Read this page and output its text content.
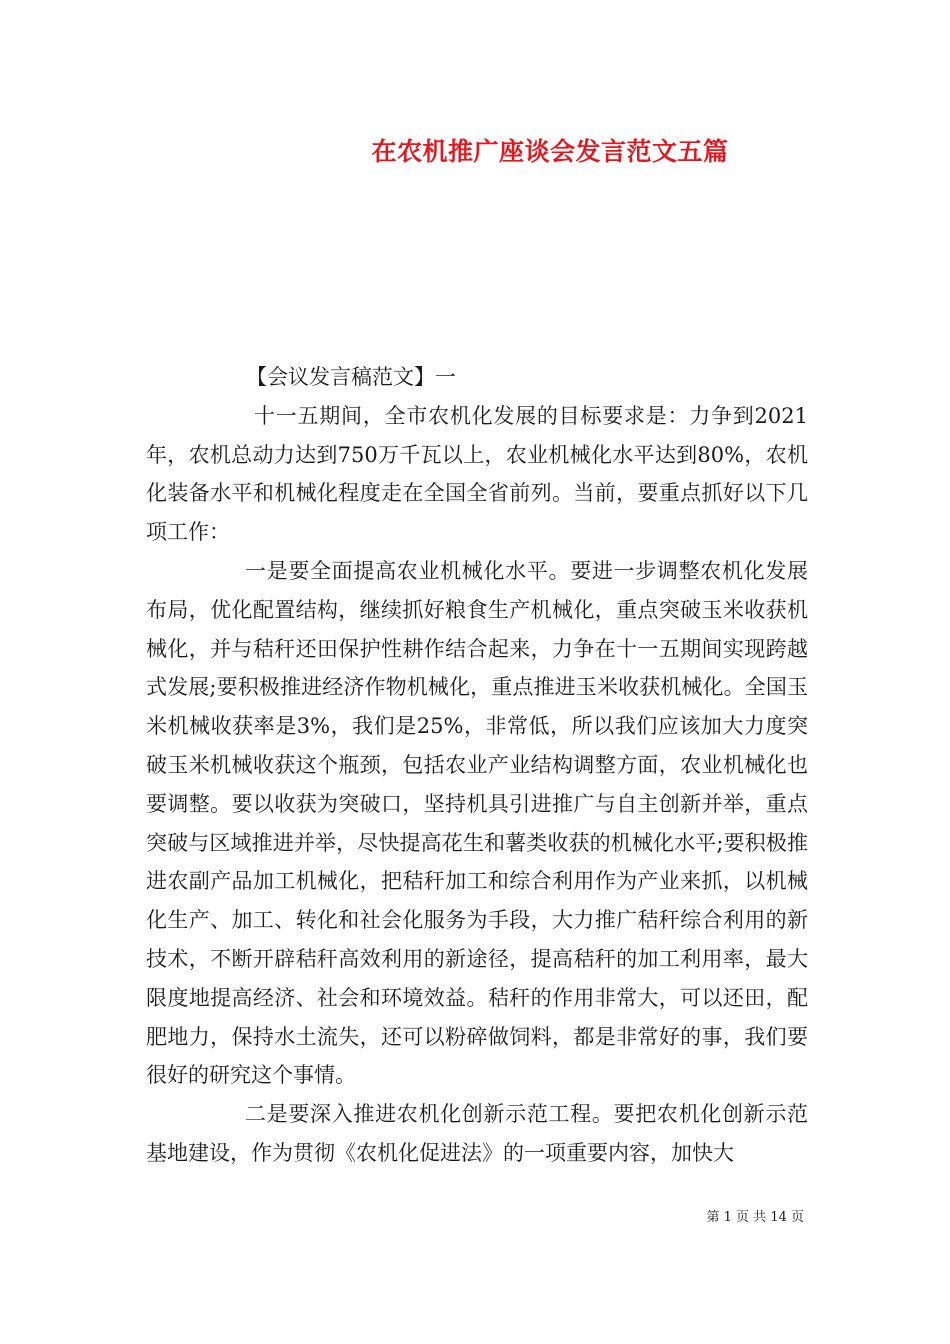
在农机推广座谈会发言范文五篇

【会议发言稿范文】一

十一五期间，全市农机化发展的目标要求是：力争到2021年，农机总动力达到750万千瓦以上，农业机械化水平达到80%，农机化装备水平和机械化程度走在全国全省前列。当前，要重点抓好以下几项工作：

一是要全面提高农业机械化水平。要进一步调整农机化发展布局，优化配置结构，继续抓好粮食生产机械化，重点突破玉米收获机械化，并与秸秆还田保护性耕作结合起来，力争在十一五期间实现跨越式发展;要积极推进经济作物机械化，重点推进玉米收获机械化。全国玉米机械收获率是3%，我们是25%，非常低，所以我们应该加大力度突破玉米机械收获这个瓶颈，包括农业产业结构调整方面，农业机械化也要调整。要以收获为突破口，坚持机具引进推广与自主创新并举，重点突破与区域推进并举，尽快提高花生和薯类收获的机械化水平;要积极推进农副产品加工机械化，把秸秆加工和综合利用作为产业来抓，以机械化生产、加工、转化和社会化服务为手段，大力推广秸秆综合利用的新技术，不断开辟秸秆高效利用的新途径，提高秸秆的加工利用率，最大限度地提高经济、社会和环境效益。秸秆的作用非常大，可以还田，配肥地力，保持水土流失，还可以粉碎做饲料，都是非常好的事，我们要很好的研究这个事情。

二是要深入推进农机化创新示范工程。要把农机化创新示范基地建设，作为贯彻《农机化促进法》的一项重要内容，加快大

第 1 页 共 14 页
